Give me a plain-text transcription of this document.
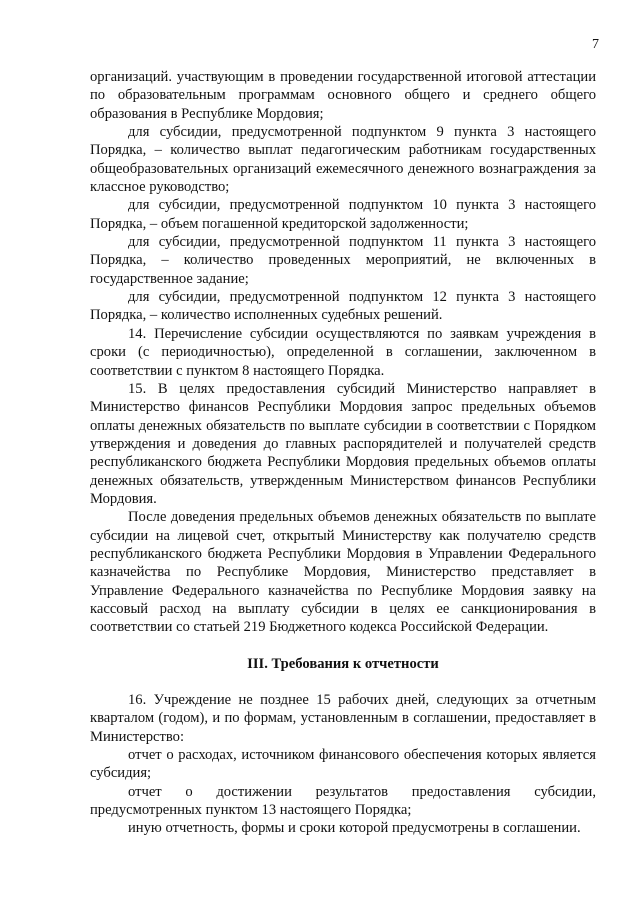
7

организаций. участвующим в проведении государственной итоговой аттестации по образовательным программам основного общего и среднего общего образования в Республике Мордовия;

для субсидии, предусмотренной подпунктом 9 пункта 3 настоящего Порядка, – количество выплат педагогическим работникам государственных общеобразовательных организаций ежемесячного денежного вознаграждения за классное руководство;

для субсидии, предусмотренной подпунктом 10 пункта 3 настоящего Порядка, – объем погашенной кредиторской задолженности;

для субсидии, предусмотренной подпунктом 11 пункта 3 настоящего Порядка, – количество проведенных мероприятий, не включенных в государственное задание;

для субсидии, предусмотренной подпунктом 12 пункта 3 настоящего Порядка, – количество исполненных судебных решений.

14. Перечисление субсидии осуществляются по заявкам учреждения в сроки (с периодичностью), определенной в соглашении, заключенном в соответствии с пунктом 8 настоящего Порядка.

15. В целях предоставления субсидий Министерство направляет в Министерство финансов Республики Мордовия запрос предельных объемов оплаты денежных обязательств по выплате субсидии в соответствии с Порядком утверждения и доведения до главных распорядителей и получателей средств республиканского бюджета Республики Мордовия предельных объемов оплаты денежных обязательств, утвержденным Министерством финансов Республики Мордовия.

После доведения предельных объемов денежных обязательств по выплате субсидии на лицевой счет, открытый Министерству как получателю средств республиканского бюджета Республики Мордовия в Управлении Федерального казначейства по Республике Мордовия, Министерство представляет в Управление Федерального казначейства по Республике Мордовия заявку на кассовый расход на выплату субсидии в целях ее санкционирования в соответствии со статьей 219 Бюджетного кодекса Российской Федерации.

III. Требования к отчетности

16. Учреждение не позднее 15 рабочих дней, следующих за отчетным кварталом (годом), и по формам, установленным в соглашении, предоставляет в Министерство:

отчет о расходах, источником финансового обеспечения которых является субсидия;

отчет о достижении результатов предоставления субсидии, предусмотренных пунктом 13 настоящего Порядка;

иную отчетность, формы и сроки которой предусмотрены в соглашении.
